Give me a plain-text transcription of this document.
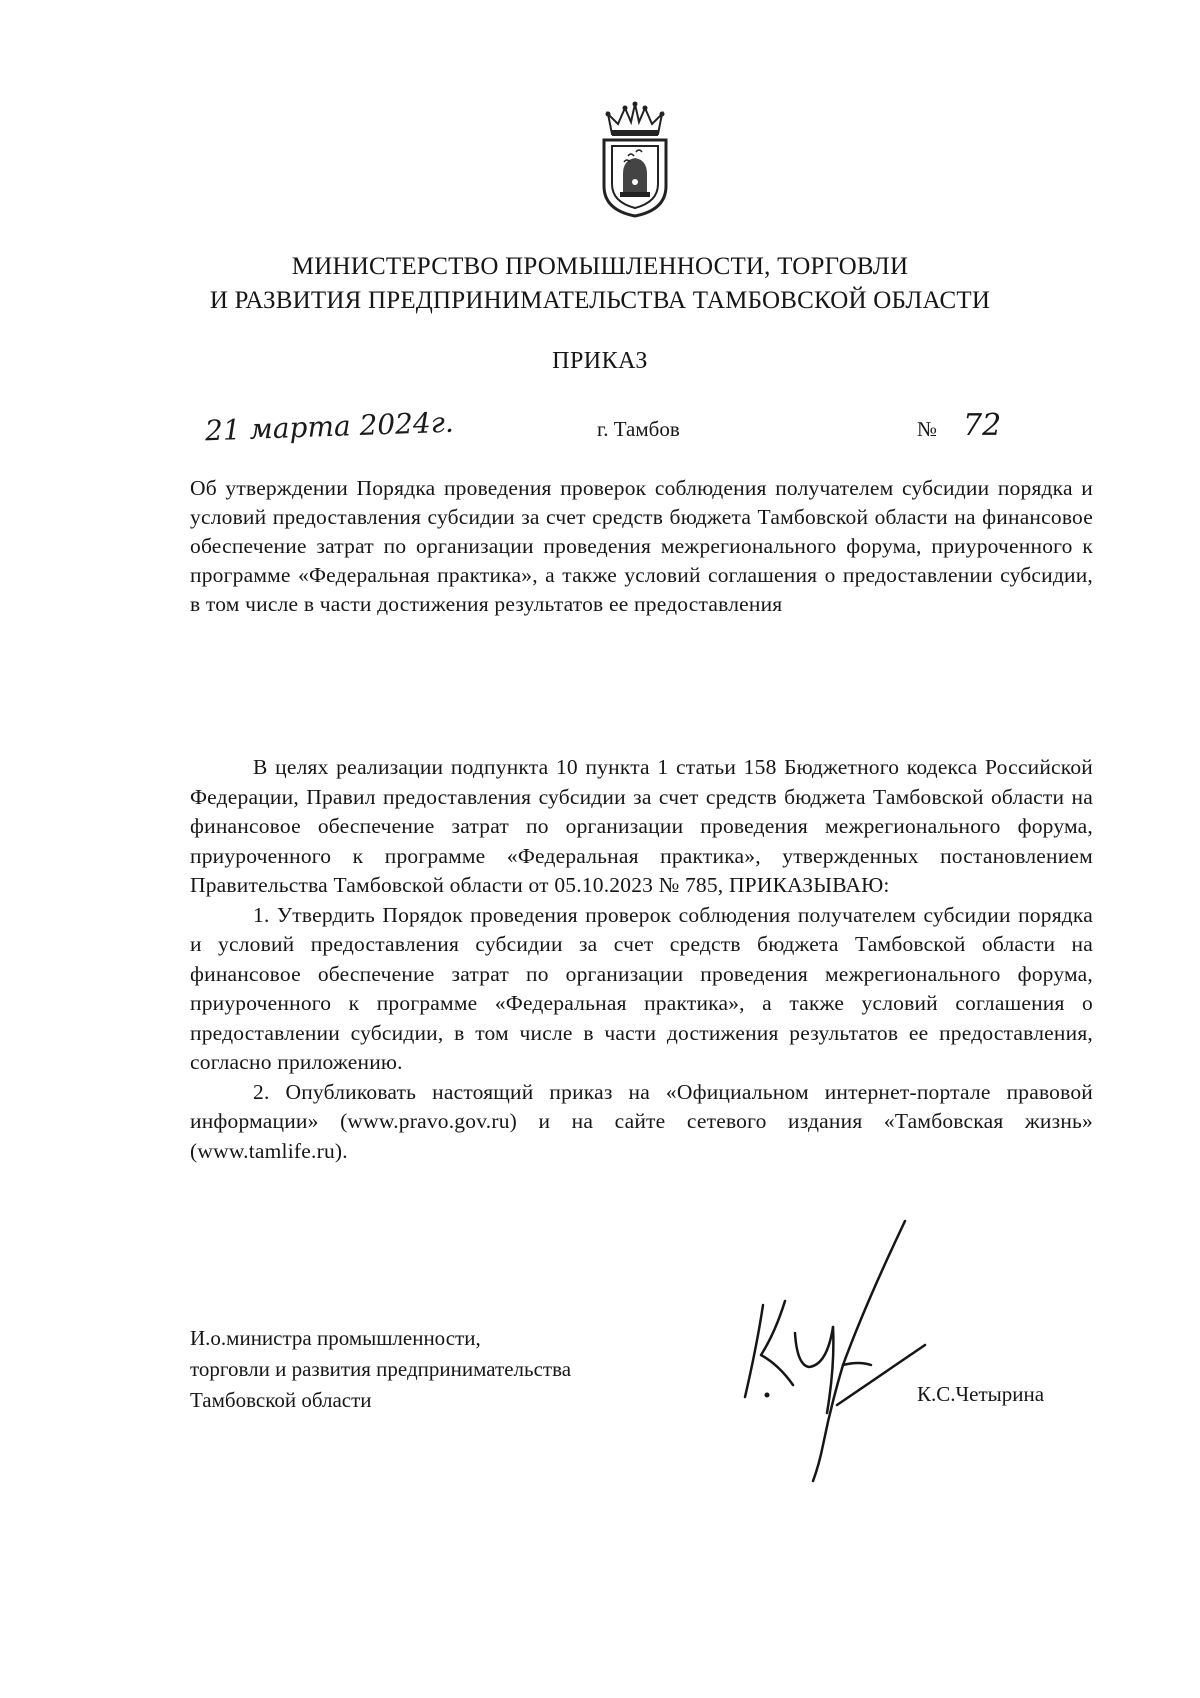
МИНИСТЕРСТВО ПРОМЫШЛЕННОСТИ, ТОРГОВЛИ
И РАЗВИТИЯ ПРЕДПРИНИМАТЕЛЬСТВА ТАМБОВСКОЙ ОБЛАСТИ
ПРИКАЗ
21 марта 2024г.	г. Тамбов	№ 72
Об утверждении Порядка проведения проверок соблюдения получателем субсидии порядка и условий предоставления субсидии за счет средств бюджета Тамбовской области на финансовое обеспечение затрат по организации проведения межрегионального форума, приуроченного к программе «Федеральная практика», а также условий соглашения о предоставлении субсидии, в том числе в части достижения результатов ее предоставления

В целях реализации подпункта 10 пункта 1 статьи 158 Бюджетного кодекса Российской Федерации, Правил предоставления субсидии за счет средств бюджета Тамбовской области на финансовое обеспечение затрат по организации проведения межрегионального форума, приуроченного к программе «Федеральная практика», утвержденных постановлением Правительства Тамбовской области от 05.10.2023 № 785, ПРИКАЗЫВАЮ:

1. Утвердить Порядок проведения проверок соблюдения получателем субсидии порядка и условий предоставления субсидии за счет средств бюджета Тамбовской области на финансовое обеспечение затрат по организации проведения межрегионального форума, приуроченного к программе «Федеральная практика», а также условий соглашения о предоставлении субсидии, в том числе в части достижения результатов ее предоставления, согласно приложению.

2. Опубликовать настоящий приказ на «Официальном интернет-портале правовой информации» (www.pravo.gov.ru) и на сайте сетевого издания «Тамбовская жизнь» (www.tamlife.ru).

И.о.министра промышленности,
торговли и развития предпринимательства
Тамбовской области	К.С.Четырина
